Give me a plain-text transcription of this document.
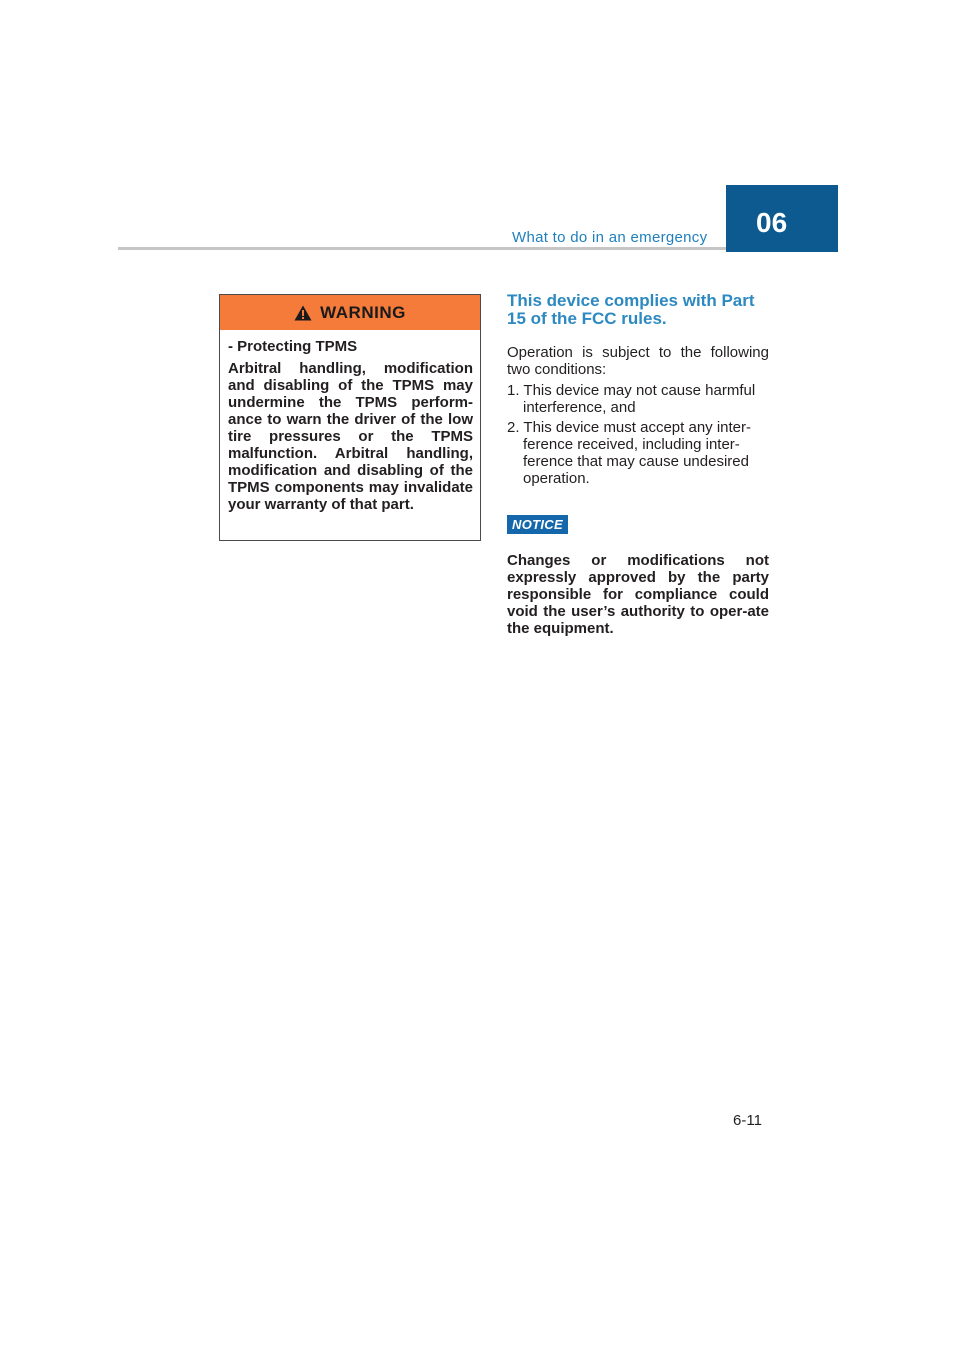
What to do in an emergency 06
WARNING

- Protecting TPMS

Arbitral handling, modification and disabling of the TPMS may undermine the TPMS perform-ance to warn the driver of the low tire pressures or the TPMS malfunction. Arbitral handling, modification and disabling of the TPMS components may invalidate your warranty of that part.

This device complies with Part 15 of the FCC rules.

Operation is subject to the following two conditions:

1. This device may not cause harmful interference, and
2. This device must accept any inter-ference received, including inter-ference that may cause undesired operation.
NOTICE

Changes or modifications not expressly approved by the party responsible for compliance could void the user’s authority to oper-ate the equipment.

6-11
